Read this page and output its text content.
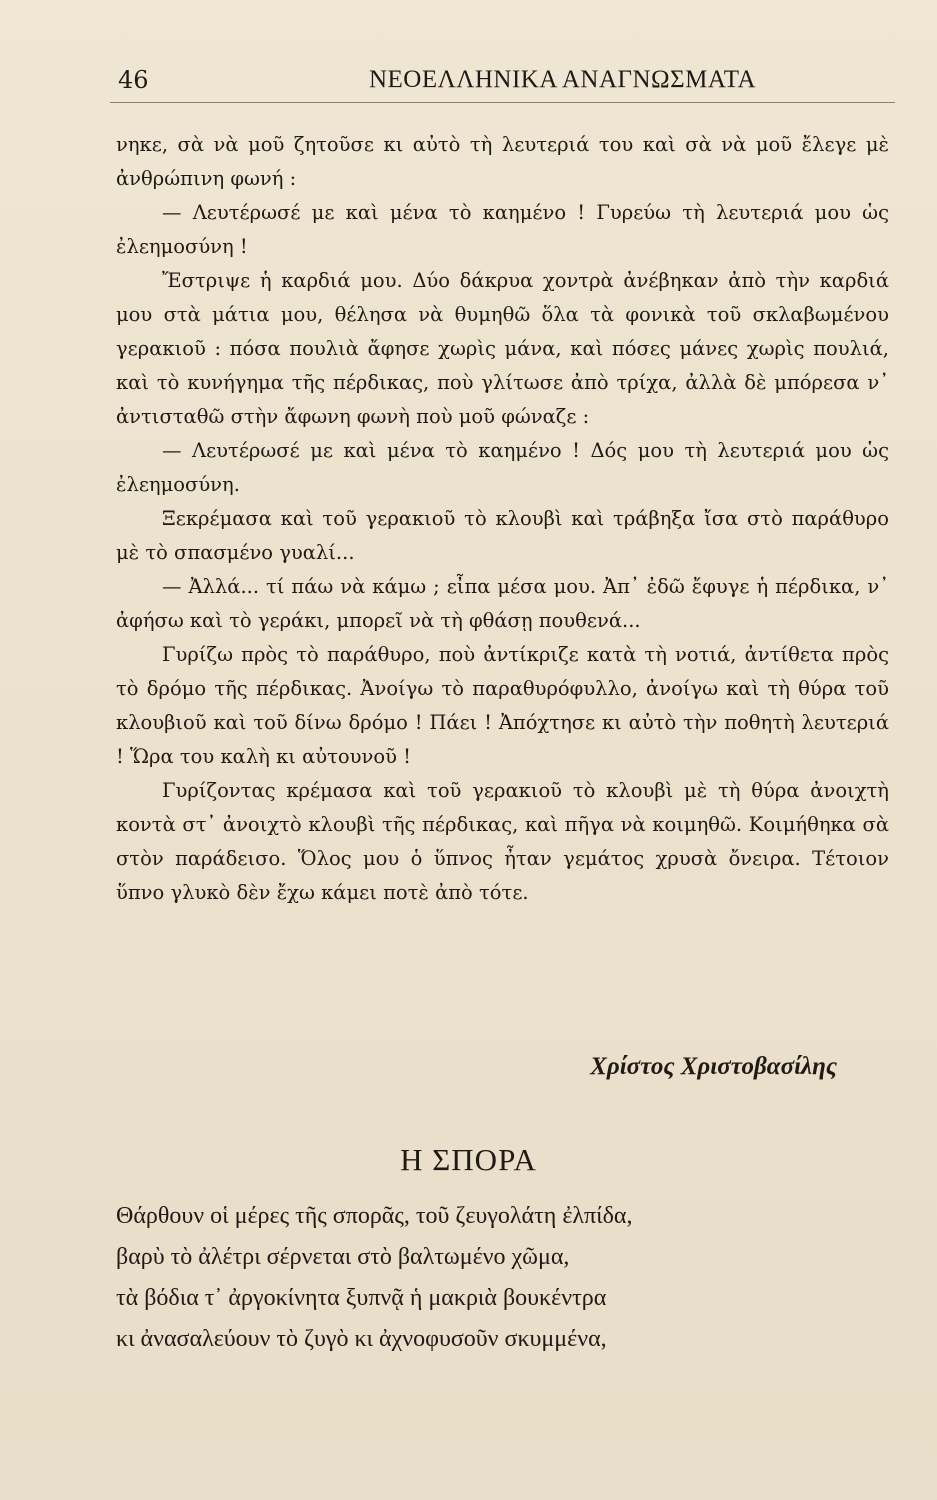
46	ΝΕΟΕΛΛΗΝΙΚΑ ΑΝΑΓΝΩΣΜΑΤΑ

νηκε, σὰ νὰ μοῦ ζητοῦσε κι αὐτὸ τὴ λευτεριά του καὶ σὰ νὰ μοῦ ἔλεγε μὲ ἀνθρώπινη φωνή :

— Λευτέρωσέ με καὶ μένα τὸ καημένο ! Γυρεύω τὴ λευτεριά μου ὡς ἐλεημοσύνη !

Ἔστριψε ἡ καρδιά μου. Δύο δάκρυα χοντρὰ ἀνέβηκαν ἀπὸ τὴν καρδιά μου στὰ μάτια μου, θέλησα νὰ θυμηθῶ ὅλα τὰ φονικὰ τοῦ σκλαβωμένου γερακιοῦ : πόσα πουλιὰ ἄφησε χωρὶς μάνα, καὶ πόσες μάνες χωρὶς πουλιά, καὶ τὸ κυνήγημα τῆς πέρδικας, ποὺ γλίτωσε ἀπὸ τρίχα, ἀλλὰ δὲ μπόρεσα ν᾿ ἀντισταθῶ στὴν ἄφωνη φωνὴ ποὺ μοῦ φώναζε :

— Λευτέρωσέ με καὶ μένα τὸ καημένο ! Δός μου τὴ λευτεριά μου ὡς ἐλεημοσύνη.

Ξεκρέμασα καὶ τοῦ γερακιοῦ τὸ κλουβὶ καὶ τράβηξα ἴσα στὸ παράθυρο μὲ τὸ σπασμένο γυαλί...

— Ἀλλά... τί πάω νὰ κάμω ; εἶπα μέσα μου. Ἀπ᾿ ἐδῶ ἔφυγε ἡ πέρδικα, ν᾿ ἀφήσω καὶ τὸ γεράκι, μπορεῖ νὰ τὴ φθάσῃ πουθενά...

Γυρίζω πρὸς τὸ παράθυρο, ποὺ ἀντίκριζε κατὰ τὴ νοτιά, ἀντίθετα πρὸς τὸ δρόμο τῆς πέρδικας. Ἀνοίγω τὸ παραθυρόφυλλο, ἀνοίγω καὶ τὴ θύρα τοῦ κλουβιοῦ καὶ τοῦ δίνω δρόμο ! Πάει ! Ἀπόχτησε κι αὐτὸ τὴν ποθητὴ λευτεριά ! Ὥρα του καλὴ κι αὐτουνοῦ !

Γυρίζοντας κρέμασα καὶ τοῦ γερακιοῦ τὸ κλουβὶ μὲ τὴ θύρα ἀνοιχτὴ κοντὰ στ᾿ ἀνοιχτὸ κλουβὶ τῆς πέρδικας, καὶ πῆγα νὰ κοιμηθῶ. Κοιμήθηκα σὰ στὸν παράδεισο. Ὅλος μου ὁ ὕπνος ἦταν γεμάτος χρυσὰ ὄνειρα. Τέτοιον ὕπνο γλυκὸ δὲν ἔχω κάμει ποτὲ ἀπὸ τότε.

Χρίστος Χριστοβασίλης
Η ΣΠΟΡΑ
Θάρθουν οἱ μέρες τῆς σπορᾶς, τοῦ ζευγολάτη ἐλπίδα,
βαρὺ τὸ ἀλέτρι σέρνεται στὸ βαλτωμένο χῶμα,
τὰ βόδια τ᾿ ἀργοκίνητα ξυπνᾷ ἡ μακριὰ βουκέντρα
κι ἀνασαλεύουν τὸ ζυγὸ κι ἀχνοφυσοῦν σκυμμένα,
